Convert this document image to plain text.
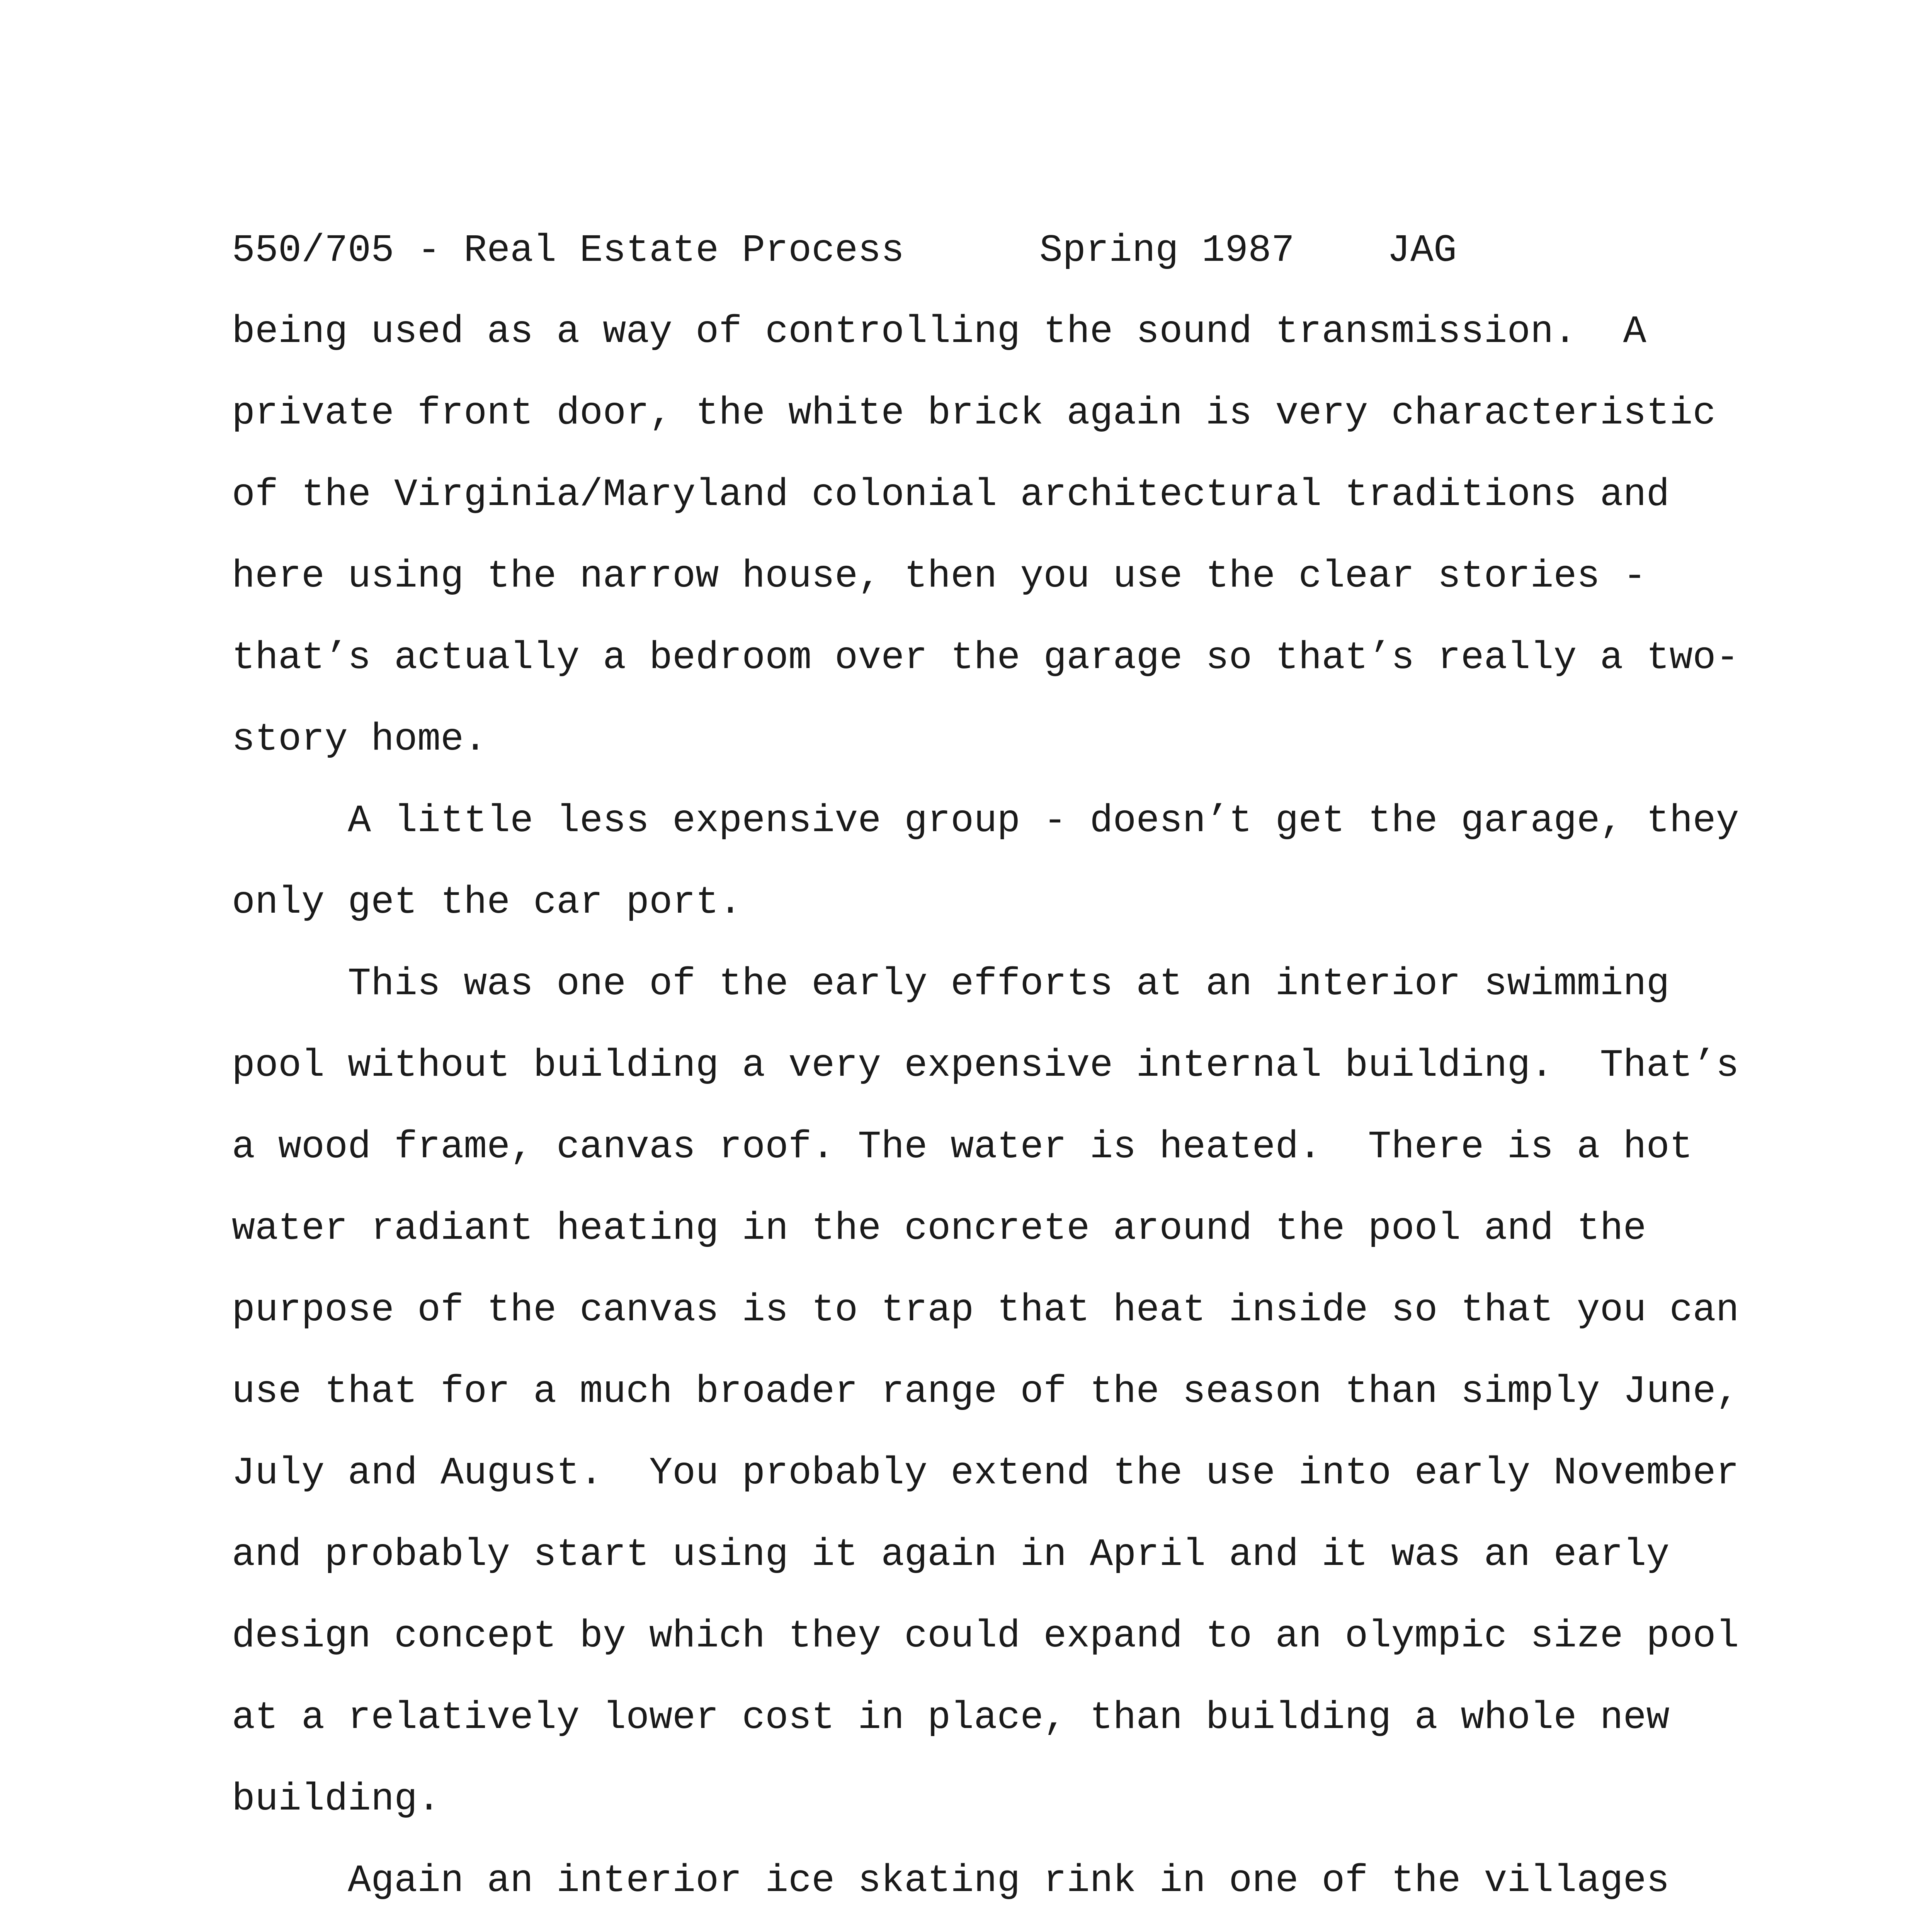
550/705 - Real Estate Process

	Spring 1987

JAG

being used as a way of controlling the sound transmission.  A
private front door, the white brick again is very characteristic
of the Virginia/Maryland colonial architectural traditions and
here using the narrow house, then you use the clear stories -
that’s actually a bedroom over the garage so that’s really a two-
story home.
A little less expensive group - doesn’t get the garage, they
only get the car port.
This was one of the early efforts at an interior swimming
pool without building a very expensive internal building.  That’s
a wood frame, canvas roof. The water is heated.  There is a hot
water radiant heating in the concrete around the pool and the
purpose of the canvas is to trap that heat inside so that you can
use that for a much broader range of the season than simply June,
July and August.  You probably extend the use into early November
and probably start using it again in April and it was an early
design concept by which they could expand to an olympic size pool
at a relatively lower cost in place, than building a whole new
building.
Again an interior ice skating rink in one of the villages
